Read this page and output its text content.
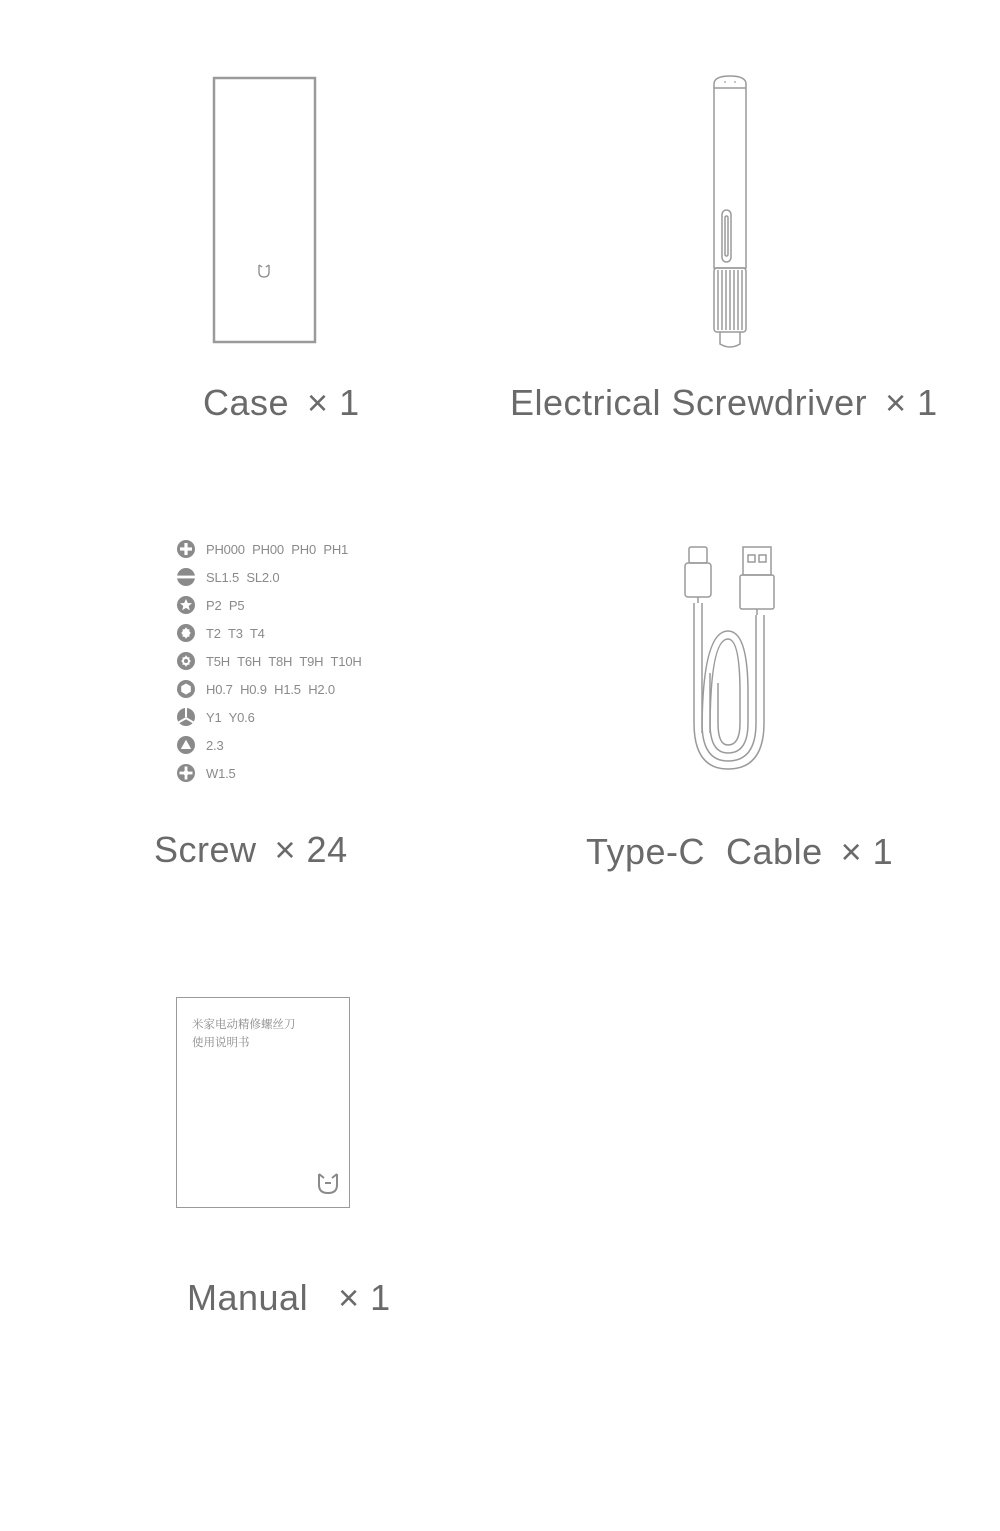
Case × 1	Electrical Screwdriver × 1
PH000 PH00 PH0 PH1
SL1.5 SL2.0
P2 P5
T2 T3 T4
T5H T6H T8H T9H T10H
H0.7 H0.9 H1.5 H2.0
Y1 Y0.6
2.3
W1.5
Screw × 24	Type-C  Cable × 1
米家电动精修螺丝刀
使用说明书
Manual × 1
